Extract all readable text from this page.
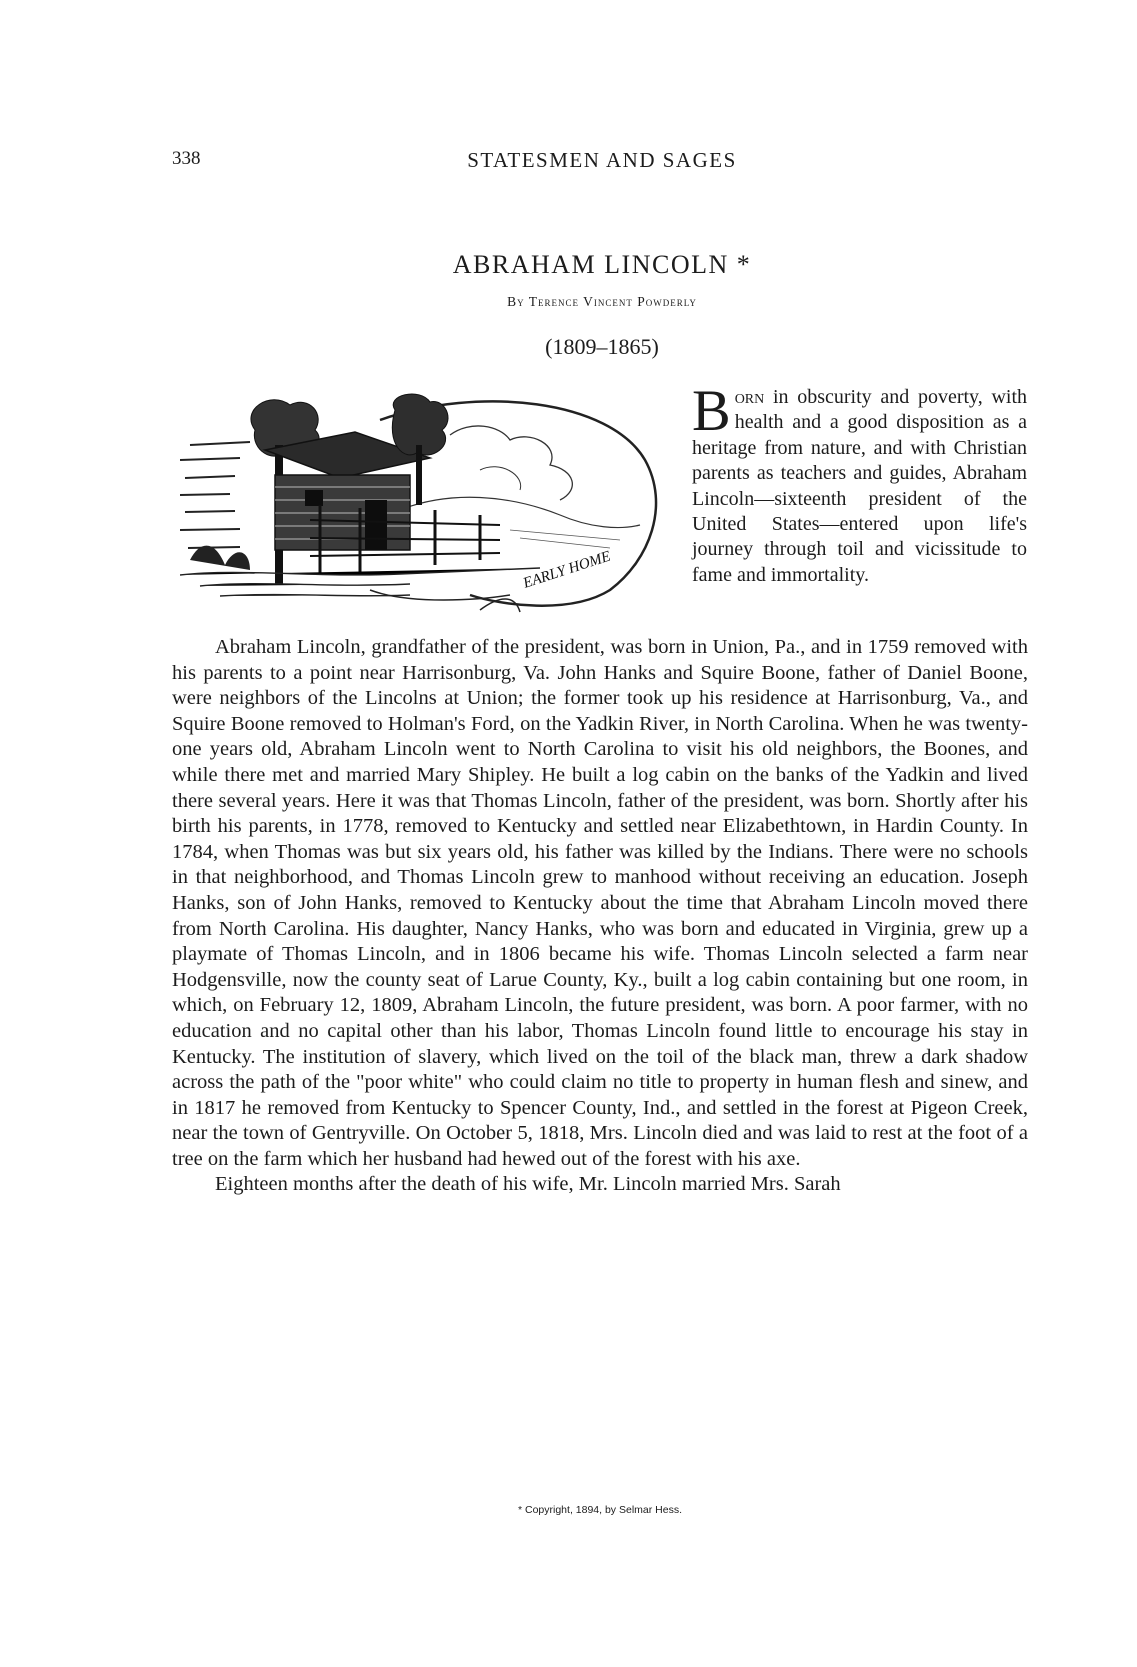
338	STATESMEN AND SAGES
ABRAHAM LINCOLN *
By Terence Vincent Powderly
(1809–1865)
EARLY HOME
Born in obscurity and poverty, with health and a good disposition as a heritage from nature, and with Christian parents as teachers and guides, Abraham Lincoln—sixteenth president of the United States—entered upon life's journey through toil and vicissitude to fame and immortality.

Abraham Lincoln, grandfather of the president, was born in Union, Pa., and in 1759 removed with his parents to a point near Harrisonburg, Va. John Hanks and Squire Boone, father of Daniel Boone, were neighbors of the Lincolns at Union; the former took up his residence at Harrisonburg, Va., and Squire Boone removed to Holman's Ford, on the Yadkin River, in North Carolina. When he was twenty-one years old, Abraham Lincoln went to North Carolina to visit his old neighbors, the Boones, and while there met and married Mary Shipley. He built a log cabin on the banks of the Yadkin and lived there several years. Here it was that Thomas Lincoln, father of the president, was born. Shortly after his birth his parents, in 1778, removed to Kentucky and settled near Elizabethtown, in Hardin County. In 1784, when Thomas was but six years old, his father was killed by the Indians. There were no schools in that neighborhood, and Thomas Lincoln grew to manhood without receiving an education. Joseph Hanks, son of John Hanks, removed to Kentucky about the time that Abraham Lincoln moved there from North Carolina. His daughter, Nancy Hanks, who was born and educated in Virginia, grew up a playmate of Thomas Lincoln, and in 1806 became his wife. Thomas Lincoln selected a farm near Hodgensville, now the county seat of Larue County, Ky., built a log cabin containing but one room, in which, on February 12, 1809, Abraham Lincoln, the future president, was born. A poor farmer, with no education and no capital other than his labor, Thomas Lincoln found little to encourage his stay in Kentucky. The institution of slavery, which lived on the toil of the black man, threw a dark shadow across the path of the "poor white" who could claim no title to property in human flesh and sinew, and in 1817 he removed from Kentucky to Spencer County, Ind., and settled in the forest at Pigeon Creek, near the town of Gentryville. On October 5, 1818, Mrs. Lincoln died and was laid to rest at the foot of a tree on the farm which her husband had hewed out of the forest with his axe.

Eighteen months after the death of his wife, Mr. Lincoln married Mrs. Sarah

* Copyright, 1894, by Selmar Hess.
